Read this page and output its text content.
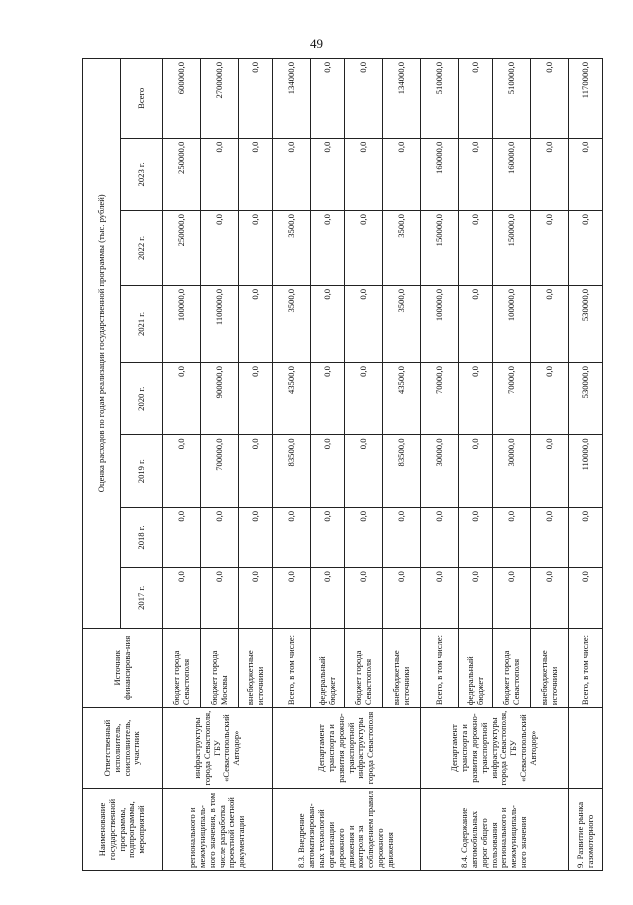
49
Наименование государственной программы, подпрограммы, мероприятий	Ответственный исполнитель, соисполнитель, участник	Источник финансирова-ния	Оценка расходов по годам реализации государственной программы (тыс. рублей)							
			2017 г.	2018 г.	2019 г.	2020 г.	2021 г.	2022 г.	2023 г.	Всего
регионального и межмуниципаль-ного значения, в том числе разработка проектной сметной документации	инфраструктуры города Севастополя, ГБУ «Севастопольский Автодор»	бюджет города Севастополя	0,0	0,0	0,0	0,0	100000,0	250000,0	250000,0	600000,0
		бюджет города Москвы	0,0	0,0	700000,0	900000,0	1100000,0	0,0	0,0	2700000,0
		внебюджетные источники	0,0	0,0	0,0	0,0	0,0	0,0	0,0	0,0
8.3. Внедрение автоматизирован-ных технологий организации дорожного движения и контроля за соблюдением правил дорожного движения	Департамент транспорта и развития дорожно-транспортной инфраструктуры города Севастополя	Всего, в том числе:	0,0	0,0	83500,0	43500,0	3500,0	3500,0	0,0	134000,0
		федеральный бюджет	0,0	0,0	0,0	0,0	0,0	0,0	0,0	0,0
		бюджет города Севастополя	0,0	0,0	0,0	0,0	0,0	0,0	0,0	0,0
		внебюджетные источники	0,0	0,0	83500,0	43500,0	3500,0	3500,0	0,0	134000,0
8.4. Содержание автомобильных дорог общего пользования регионального и межмуниципаль-ного значения	Департамент транспорта и развития дорожно-транспортной инфраструктуры города Севастополя, ГБУ «Севастопольский Автодор»	Всего, в том числе:	0,0	0,0	30000,0	70000,0	100000,0	150000,0	160000,0	510000,0
		федеральный бюджет	0,0	0,0	0,0	0,0	0,0	0,0	0,0	0,0
		бюджет города Севастополя	0,0	0,0	30000,0	70000,0	100000,0	150000,0	160000,0	510000,0
		внебюджетные источники	0,0	0,0	0,0	0,0	0,0	0,0	0,0	0,0
9. Развитие рынка газомоторного		Всего, в том числе:	0,0	0,0	110000,0	530000,0	530000,0	0,0	0,0	1170000,0
